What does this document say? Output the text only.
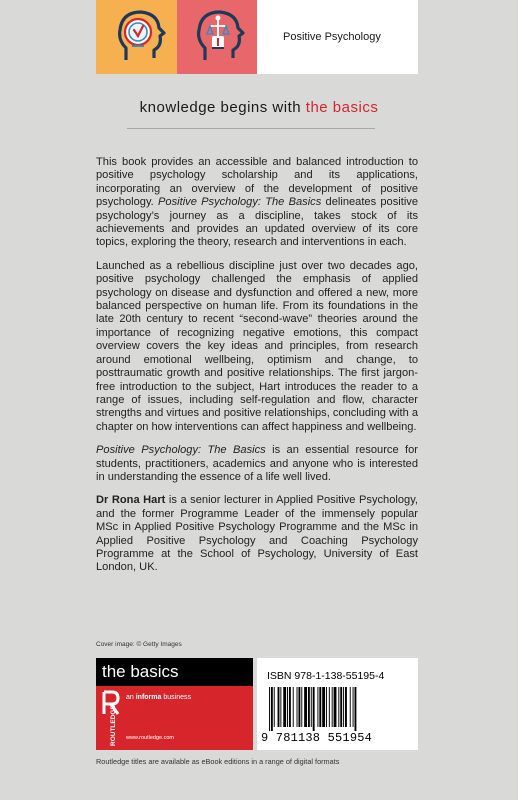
Positive Psychology
knowledge begins with the basics

This book provides an accessible and balanced introduction to positive psychology scholarship and its applications, incorporating an overview of the development of positive psychology. Positive Psychology: The Basics delineates positive psychology’s journey as a discipline, takes stock of its achievements and provides an updated overview of its core topics, exploring the theory, research and interventions in each.

Launched as a rebellious discipline just over two decades ago, positive psychology challenged the emphasis of applied psychology on disease and dysfunction and offered a new, more balanced perspective on human life. From its foundations in the late 20th century to recent “second-wave” theories around the importance of recognizing negative emotions, this compact overview covers the key ideas and principles, from research around emotional wellbeing, optimism and change, to posttraumatic growth and positive relationships. The first jargon-free introduction to the subject, Hart introduces the reader to a range of issues, including self-regulation and flow, character strengths and virtues and positive relationships, concluding with a chapter on how interventions can affect happiness and wellbeing.

Positive Psychology: The Basics is an essential resource for students, practitioners, academics and anyone who is interested in understanding the essence of a life well lived.

Dr Rona Hart is a senior lecturer in Applied Positive Psychology, and the former Programme Leader of the immensely popular MSc in Applied Positive Psychology Programme and the MSc in Applied Positive Psychology and Coaching Psychology Programme at the School of Psychology, University of East London, UK.

Cover image: © Getty Images
the basics
ROUTLEDGE
an informa business
www.routledge.com
ISBN 978-1-138-55195-4
9 781138 551954
Routledge titles are available as eBook editions in a range of digital formats
